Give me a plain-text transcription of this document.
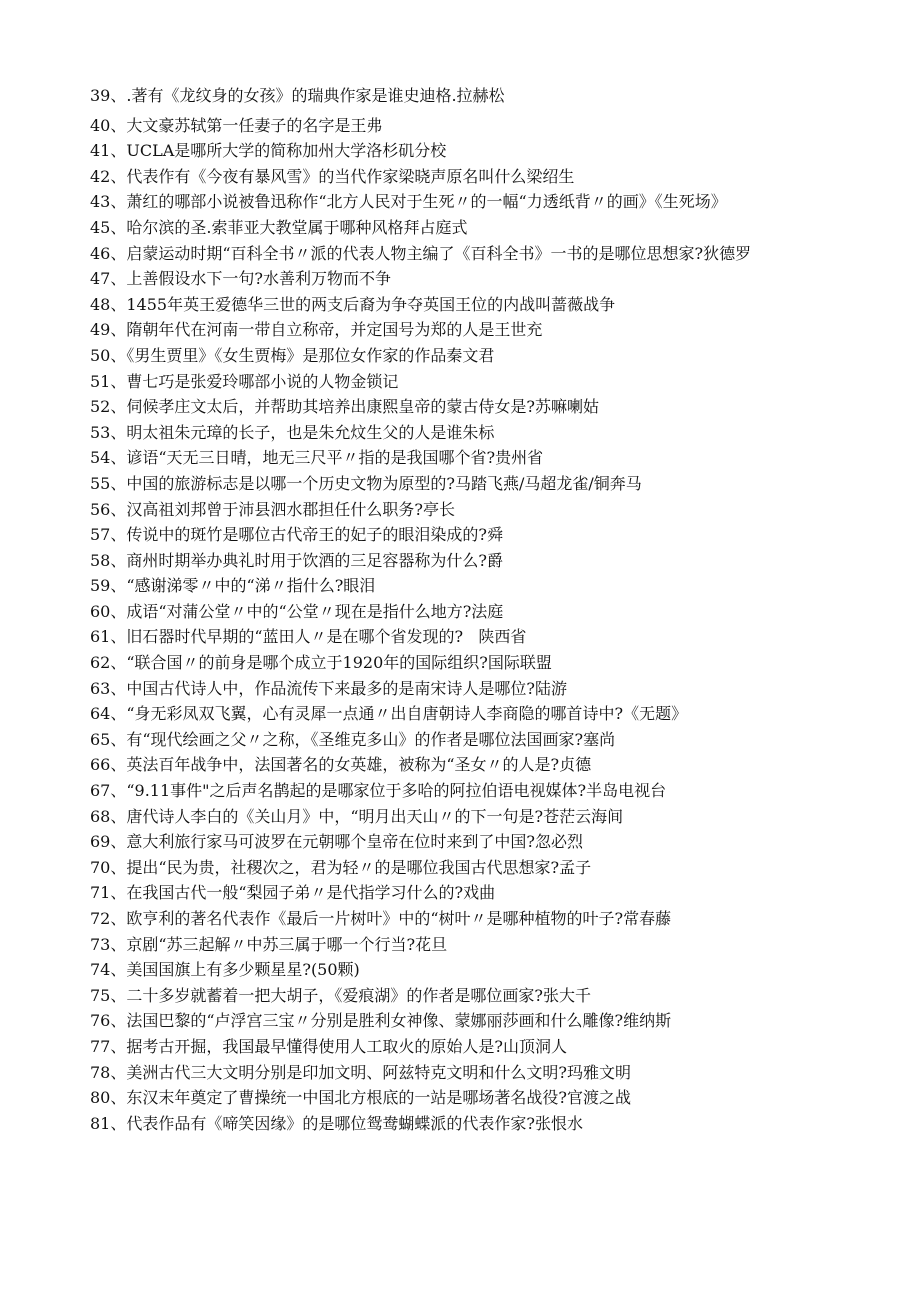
39、.著有《龙纹身的女孩》的瑞典作家是谁史迪格.拉赫松

40、大文豪苏轼第一任妻子的名字是王弗

41、UCLA是哪所大学的简称加州大学洛杉矶分校

42、代表作有《今夜有暴风雪》的当代作家梁晓声原名叫什么梁绍生

43、萧红的哪部小说被鲁迅称作“北方人民对于生死〃的一幅“力透纸背〃的画》《生死场》

45、哈尔滨的圣.索菲亚大教堂属于哪种风格拜占庭式

46、启蒙运动时期“百科全书〃派的代表人物主编了《百科全书》一书的是哪位思想家?狄德罗

47、上善假设水下一句?水善利万物而不争

48、1455年英王爱德华三世的两支后裔为争夺英国王位的内战叫蔷薇战争

49、隋朝年代在河南一带自立称帝，并定国号为郑的人是王世充

50、《男生贾里》《女生贾梅》是那位女作家的作品秦文君

51、曹七巧是张爱玲哪部小说的人物金锁记

52、伺候孝庄文太后，并帮助其培养出康熙皇帝的蒙古侍女是?苏嘛喇姑

53、明太祖朱元璋的长子，也是朱允炆生父的人是谁朱标

54、谚语“天无三日晴，地无三尺平〃指的是我国哪个省?贵州省

55、中国的旅游标志是以哪一个历史文物为原型的?马踏飞燕/马超龙雀/铜奔马

56、汉高祖刘邦曾于沛县泗水郡担任什么职务?亭长

57、传说中的斑竹是哪位古代帝王的妃子的眼泪染成的?舜

58、商州时期举办典礼时用于饮酒的三足容器称为什么?爵

59、“感谢涕零〃中的“涕〃指什么?眼泪

60、成语“对蒲公堂〃中的“公堂〃现在是指什么地方?法庭

61、旧石器时代早期的“蓝田人〃是在哪个省发现的?   陕西省

62、“联合国〃的前身是哪个成立于1920年的国际组织?国际联盟

63、中国古代诗人中，作品流传下来最多的是南宋诗人是哪位?陆游

64、“身无彩凤双飞翼，心有灵犀一点通〃出自唐朝诗人李商隐的哪首诗中?《无题》

65、有“现代绘画之父〃之称，《圣维克多山》的作者是哪位法国画家?塞尚

66、英法百年战争中，法国著名的女英雄，被称为“圣女〃的人是?贞德

67、“9.11事件"之后声名鹊起的是哪家位于多哈的阿拉伯语电视媒体?半岛电视台

68、唐代诗人李白的《关山月》中，“明月出天山〃的下一句是?苍茫云海间

69、意大利旅行家马可波罗在元朝哪个皇帝在位时来到了中国?忽必烈

70、提出“民为贵，社稷次之，君为轻〃的是哪位我国古代思想家?孟子

71、在我国古代一般“梨园子弟〃是代指学习什么的?戏曲

72、欧亨利的著名代表作《最后一片树叶》中的“树叶〃是哪种植物的叶子?常春藤

73、京剧“苏三起解〃中苏三属于哪一个行当?花旦

74、美国国旗上有多少颗星星?(50颗)

75、二十多岁就蓄着一把大胡子，《爱痕湖》的作者是哪位画家?张大千

76、法国巴黎的“卢浮宫三宝〃分别是胜利女神像、蒙娜丽莎画和什么雕像?维纳斯

77、据考古开掘，我国最早懂得使用人工取火的原始人是?山顶洞人

78、美洲古代三大文明分别是印加文明、阿兹特克文明和什么文明?玛雅文明

80、东汉末年奠定了曹操统一中国北方根底的一站是哪场著名战役?官渡之战

81、代表作品有《啼笑因缘》的是哪位鸳鸯蝴蝶派的代表作家?张恨水
